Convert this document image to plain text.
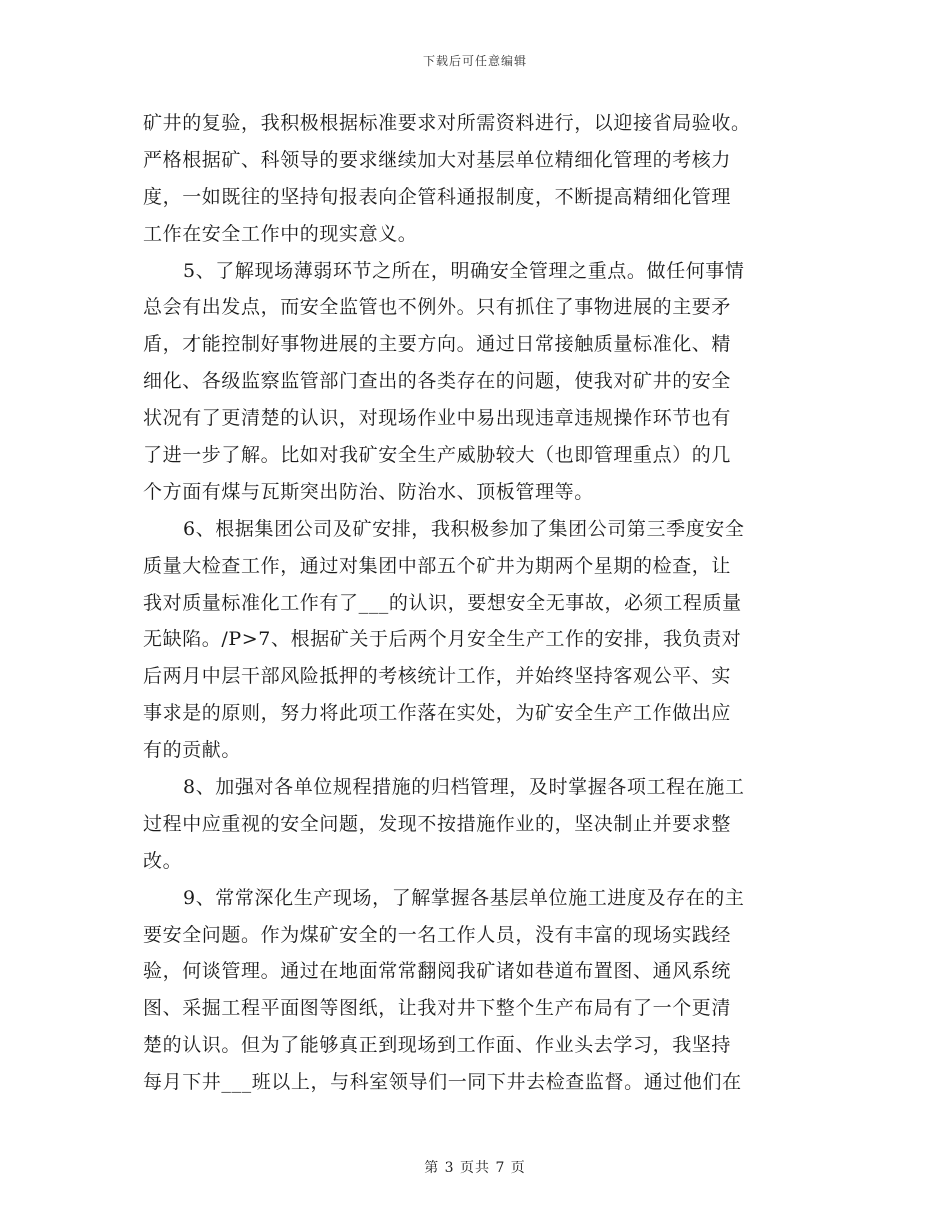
下载后可任意编辑
矿井的复验，我积极根据标准要求对所需资料进行，以迎接省局验收。
严格根据矿、科领导的要求继续加大对基层单位精细化管理的考核力
度，一如既往的坚持旬报表向企管科通报制度，不断提高精细化管理
工作在安全工作中的现实意义。
5、了解现场薄弱环节之所在，明确安全管理之重点。做任何事情
总会有出发点，而安全监管也不例外。只有抓住了事物进展的主要矛
盾，才能控制好事物进展的主要方向。通过日常接触质量标准化、精
细化、各级监察监管部门查出的各类存在的问题，使我对矿井的安全
状况有了更清楚的认识，对现场作业中易出现违章违规操作环节也有
了进一步了解。比如对我矿安全生产威胁较大（也即管理重点）的几
个方面有煤与瓦斯突出防治、防治水、顶板管理等。
6、根据集团公司及矿安排，我积极参加了集团公司第三季度安全
质量大检查工作，通过对集团中部五个矿井为期两个星期的检查，让
我对质量标准化工作有了___的认识，要想安全无事故，必须工程质量
无缺陷。/P>7、根据矿关于后两个月安全生产工作的安排，我负责对
后两月中层干部风险抵押的考核统计工作，并始终坚持客观公平、实
事求是的原则，努力将此项工作落在实处，为矿安全生产工作做出应
有的贡献。
8、加强对各单位规程措施的归档管理，及时掌握各项工程在施工
过程中应重视的安全问题，发现不按措施作业的，坚决制止并要求整
改。
9、常常深化生产现场，了解掌握各基层单位施工进度及存在的主
要安全问题。作为煤矿安全的一名工作人员，没有丰富的现场实践经
验，何谈管理。通过在地面常常翻阅我矿诸如巷道布置图、通风系统
图、采掘工程平面图等图纸，让我对井下整个生产布局有了一个更清
楚的认识。但为了能够真正到现场到工作面、作业头去学习，我坚持
每月下井___班以上，与科室领导们一同下井去检查监督。通过他们在
第 3 页共 7 页
